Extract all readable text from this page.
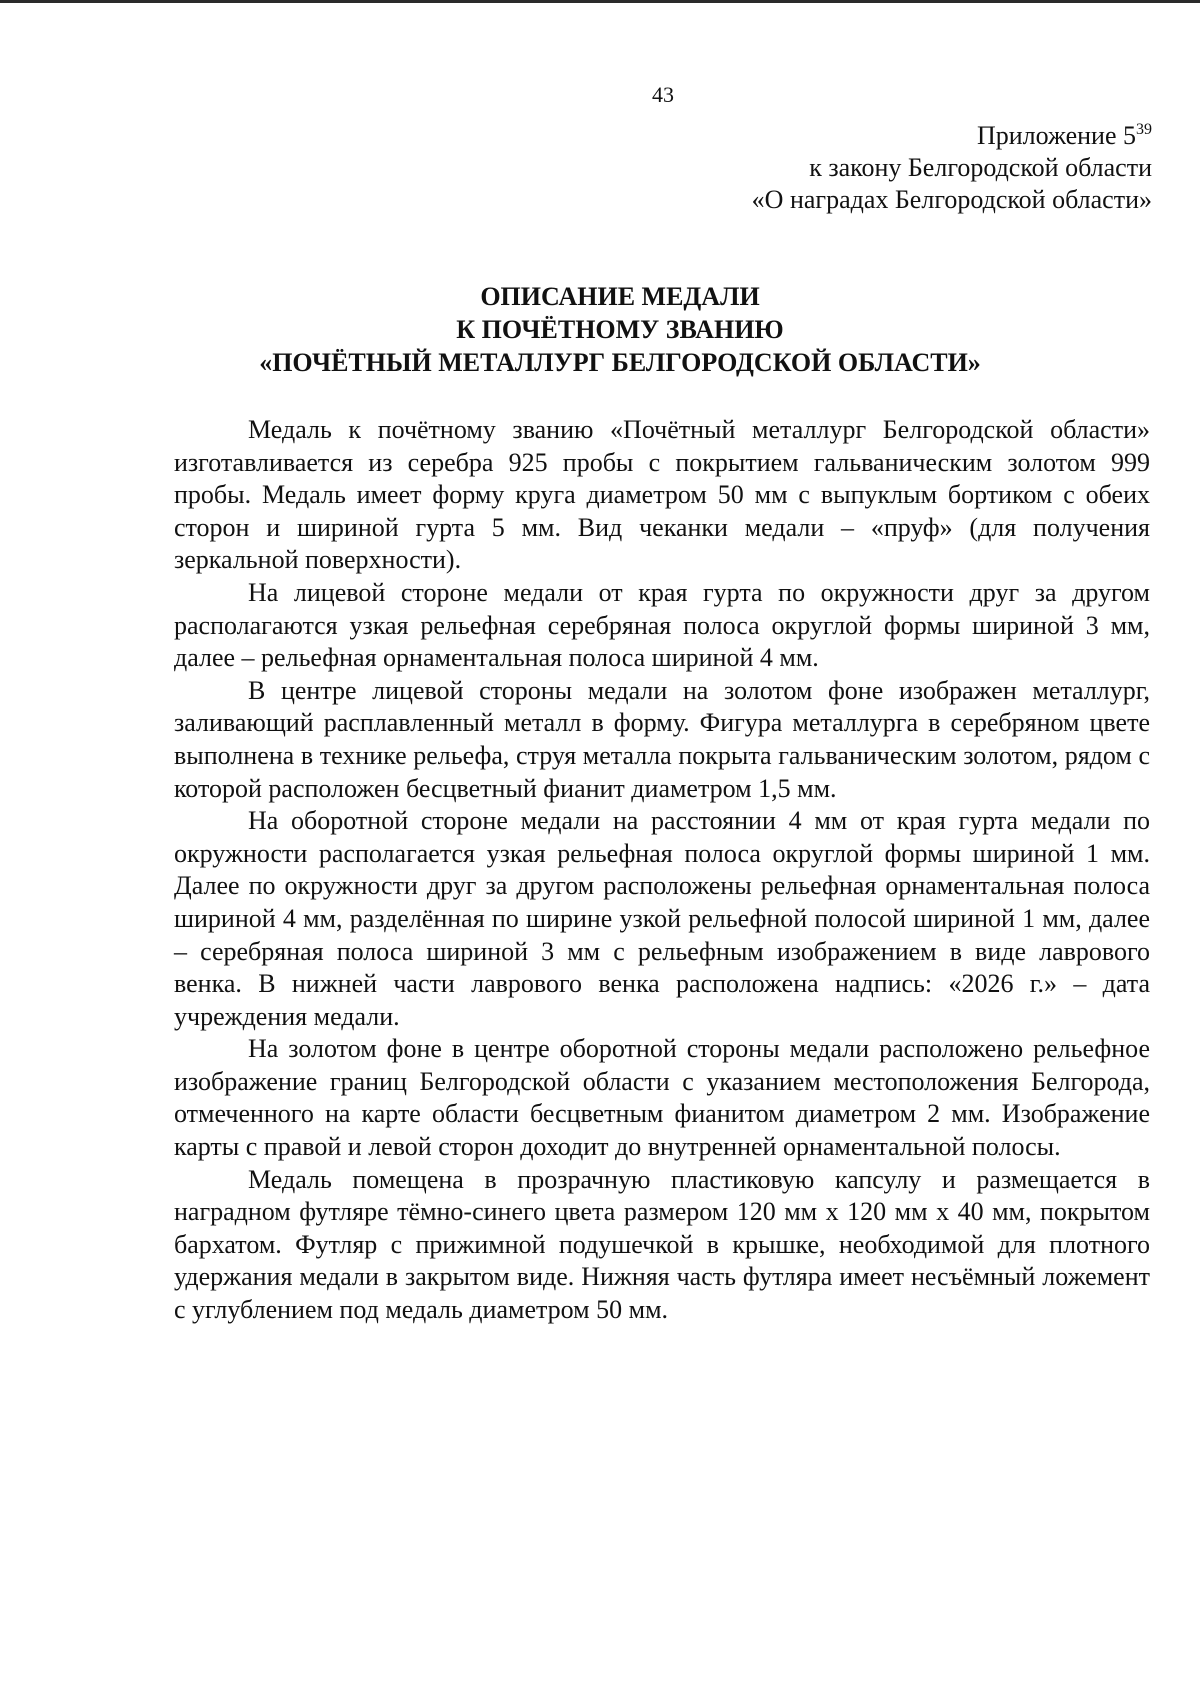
43
Приложение $5^{39}$
к закону Белгородской области
«О наградах Белгородской области»
ОПИСАНИЕ МЕДАЛИ
К ПОЧЁТНОМУ ЗВАНИЮ
«ПОЧЁТНЫЙ МЕТАЛЛУРГ БЕЛГОРОДСКОЙ ОБЛАСТИ»

Медаль к почётному званию «Почётный металлург Белгородской области» изготавливается из серебра 925 пробы с покрытием гальваническим золотом 999 пробы. Медаль имеет форму круга диаметром 50 мм с выпуклым бортиком с обеих сторон и шириной гурта 5 мм. Вид чеканки медали – «пруф» (для получения зеркальной поверхности).

На лицевой стороне медали от края гурта по окружности друг за другом располагаются узкая рельефная серебряная полоса округлой формы шириной 3 мм, далее – рельефная орнаментальная полоса шириной 4 мм.

В центре лицевой стороны медали на золотом фоне изображен металлург, заливающий расплавленный металл в форму. Фигура металлурга в серебряном цвете выполнена в технике рельефа, струя металла покрыта гальваническим золотом, рядом с которой расположен бесцветный фианит диаметром 1,5 мм.

На оборотной стороне медали на расстоянии 4 мм от края гурта медали по окружности располагается узкая рельефная полоса округлой формы шириной 1 мм. Далее по окружности друг за другом расположены рельефная орнаментальная полоса шириной 4 мм, разделённая по ширине узкой рельефной полосой шириной 1 мм, далее – серебряная полоса шириной 3 мм с рельефным изображением в виде лаврового венка. В нижней части лаврового венка расположена надпись: «2026 г.» – дата учреждения медали.

На золотом фоне в центре оборотной стороны медали расположено рельефное изображение границ Белгородской области с указанием местоположения Белгорода, отмеченного на карте области бесцветным фианитом диаметром 2 мм. Изображение карты с правой и левой сторон доходит до внутренней орнаментальной полосы.

Медаль помещена в прозрачную пластиковую капсулу и размещается в наградном футляре тёмно-синего цвета размером 120 мм х 120 мм х 40 мм, покрытом бархатом. Футляр с прижимной подушечкой в крышке, необходимой для плотного удержания медали в закрытом виде. Нижняя часть футляра имеет несъёмный ложемент с углублением под медаль диаметром 50 мм.
